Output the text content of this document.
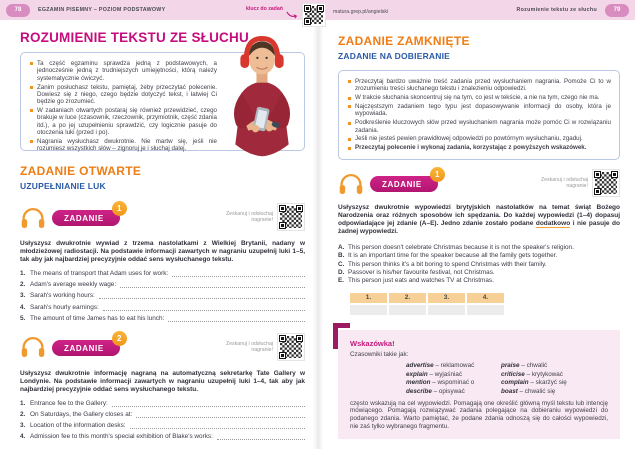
78	EGZAMIN PISEMNY – POZIOM PODSTAWOWY	klucz do zadań	matura.grep.pl/angielski	Rozumienie tekstu ze słuchu	79
ROZUMIENIE TEKSTU ZE SŁUCHU
Ta część egzaminu sprawdza jedną z podstawowych, a jednocześnie jedną z trudniejszych umiejętności, którą należy systematycznie ćwiczyć.
Zanim posłuchasz tekstu, pamiętaj, żeby przeczytać polecenie. Dowiesz się z niego, czego będzie dotyczyć tekst, i łatwiej Ci będzie go zrozumieć.
W zadaniach otwartych postaraj się również przewidzieć, czego brakuje w luce (czasownik, rzeczownik, przymiotnik, część zdania itd.), a po jej uzupełnieniu sprawdzić, czy logicznie pasuje do otoczenia luki (przed i po).
Nagrania wysłuchasz dwukrotnie. Nie martw się, jeśli nie rozumiesz wszystkich słów – zignoruj je i słuchaj dalej.
ZADANIE OTWARTE
UZUPEŁNIANIE LUK
ZADANIE
1
Zeskanuj i odsłuchaj nagranie!

Usłyszysz dwukrotnie wywiad z trzema nastolatkami z Wielkiej Brytanii, nadany w młodzieżowej radiostacji. Na podstawie informacji zawartych w nagraniu uzupełnij luki 1–5, tak aby jak najbardziej precyzyjnie oddać sens wysłuchanego tekstu.

1. The means of transport that Adam uses for work:
2. Adam's average weekly wage:
3. Sarah's working hours:
4. Sarah's hourly earnings:
5. The amount of time James has to eat his lunch:
ZADANIE
2
Zeskanuj i odsłuchaj nagranie!

Usłyszysz dwukrotnie informację nagraną na automatyczną sekretarkę Tate Gallery w Londynie. Na podstawie informacji zawartych w nagraniu uzupełnij luki 1–4, tak aby jak najbardziej precyzyjnie oddać sens wysłuchanego tekstu.

1. Entrance fee to the Gallery:
2. On Saturdays, the Gallery closes at:
3. Location of the information desks:
4. Admission fee to this month's special exhibition of Blake's works:
ZADANIE ZAMKNIĘTE
ZADANIE NA DOBIERANIE
Przeczytaj bardzo uważnie treść zadania przed wysłuchaniem nagrania. Pomoże Ci to w zrozumieniu treści słuchanego tekstu i znalezieniu odpowiedzi.
W trakcie słuchania skoncentruj się na tym, co jest w tekście, a nie na tym, czego nie ma.
Najczęstszym zadaniem tego typu jest dopasowywanie informacji do osoby, która je wypowiada.
Podkreślenie kluczowych słów przed wysłuchaniem nagrania może pomóc Ci w rozwiązaniu zadania.
Jeśli nie jesteś pewien prawidłowej odpowiedzi po powtórnym wysłuchaniu, zgaduj.
Przeczytaj polecenie i wykonaj zadania, korzystając z powyższych wskazówek.
ZADANIE
1
Zeskanuj i odsłuchaj nagranie!

Usłyszysz dwukrotnie wypowiedzi brytyjskich nastolatków na temat świąt Bożego Narodzenia oraz różnych sposobów ich spędzania. Do każdej wypowiedzi (1–4) dopasuj odpowiadające jej zdanie (A–E). Jedno zdanie zostało podane dodatkowo i nie pasuje do żadnej wypowiedzi.

A. This person doesn't celebrate Christmas because it is not the speaker's religion.
B. It is an important time for the speaker because all the family gets together.
C. This person thinks it's a bit boring to spend Christmas with their family.
D. Passover is his/her favourite festival, not Christmas.
E. This person just eats and watches TV at Christmas.
1.	2.	3.	4.
Wskazówka!
Czasowniki takie jak:
advertise – reklamować	praise – chwalić
explain – wyjaśniać	criticise – krytykować
mention – wspominać o	complain – skarżyć się
describe – opisywać	boast – chwalić się
często wskazują na cel wypowiedzi. Pomagają one określić główną myśl tekstu lub intencję mówiącego. Pomagają rozwiązywać zadania polegające na dobieraniu wypowiedzi do podanego zdania. Warto pamiętać, że podane zdania odnoszą się do całości wypowiedzi, nie zaś tylko wybranego fragmentu.
